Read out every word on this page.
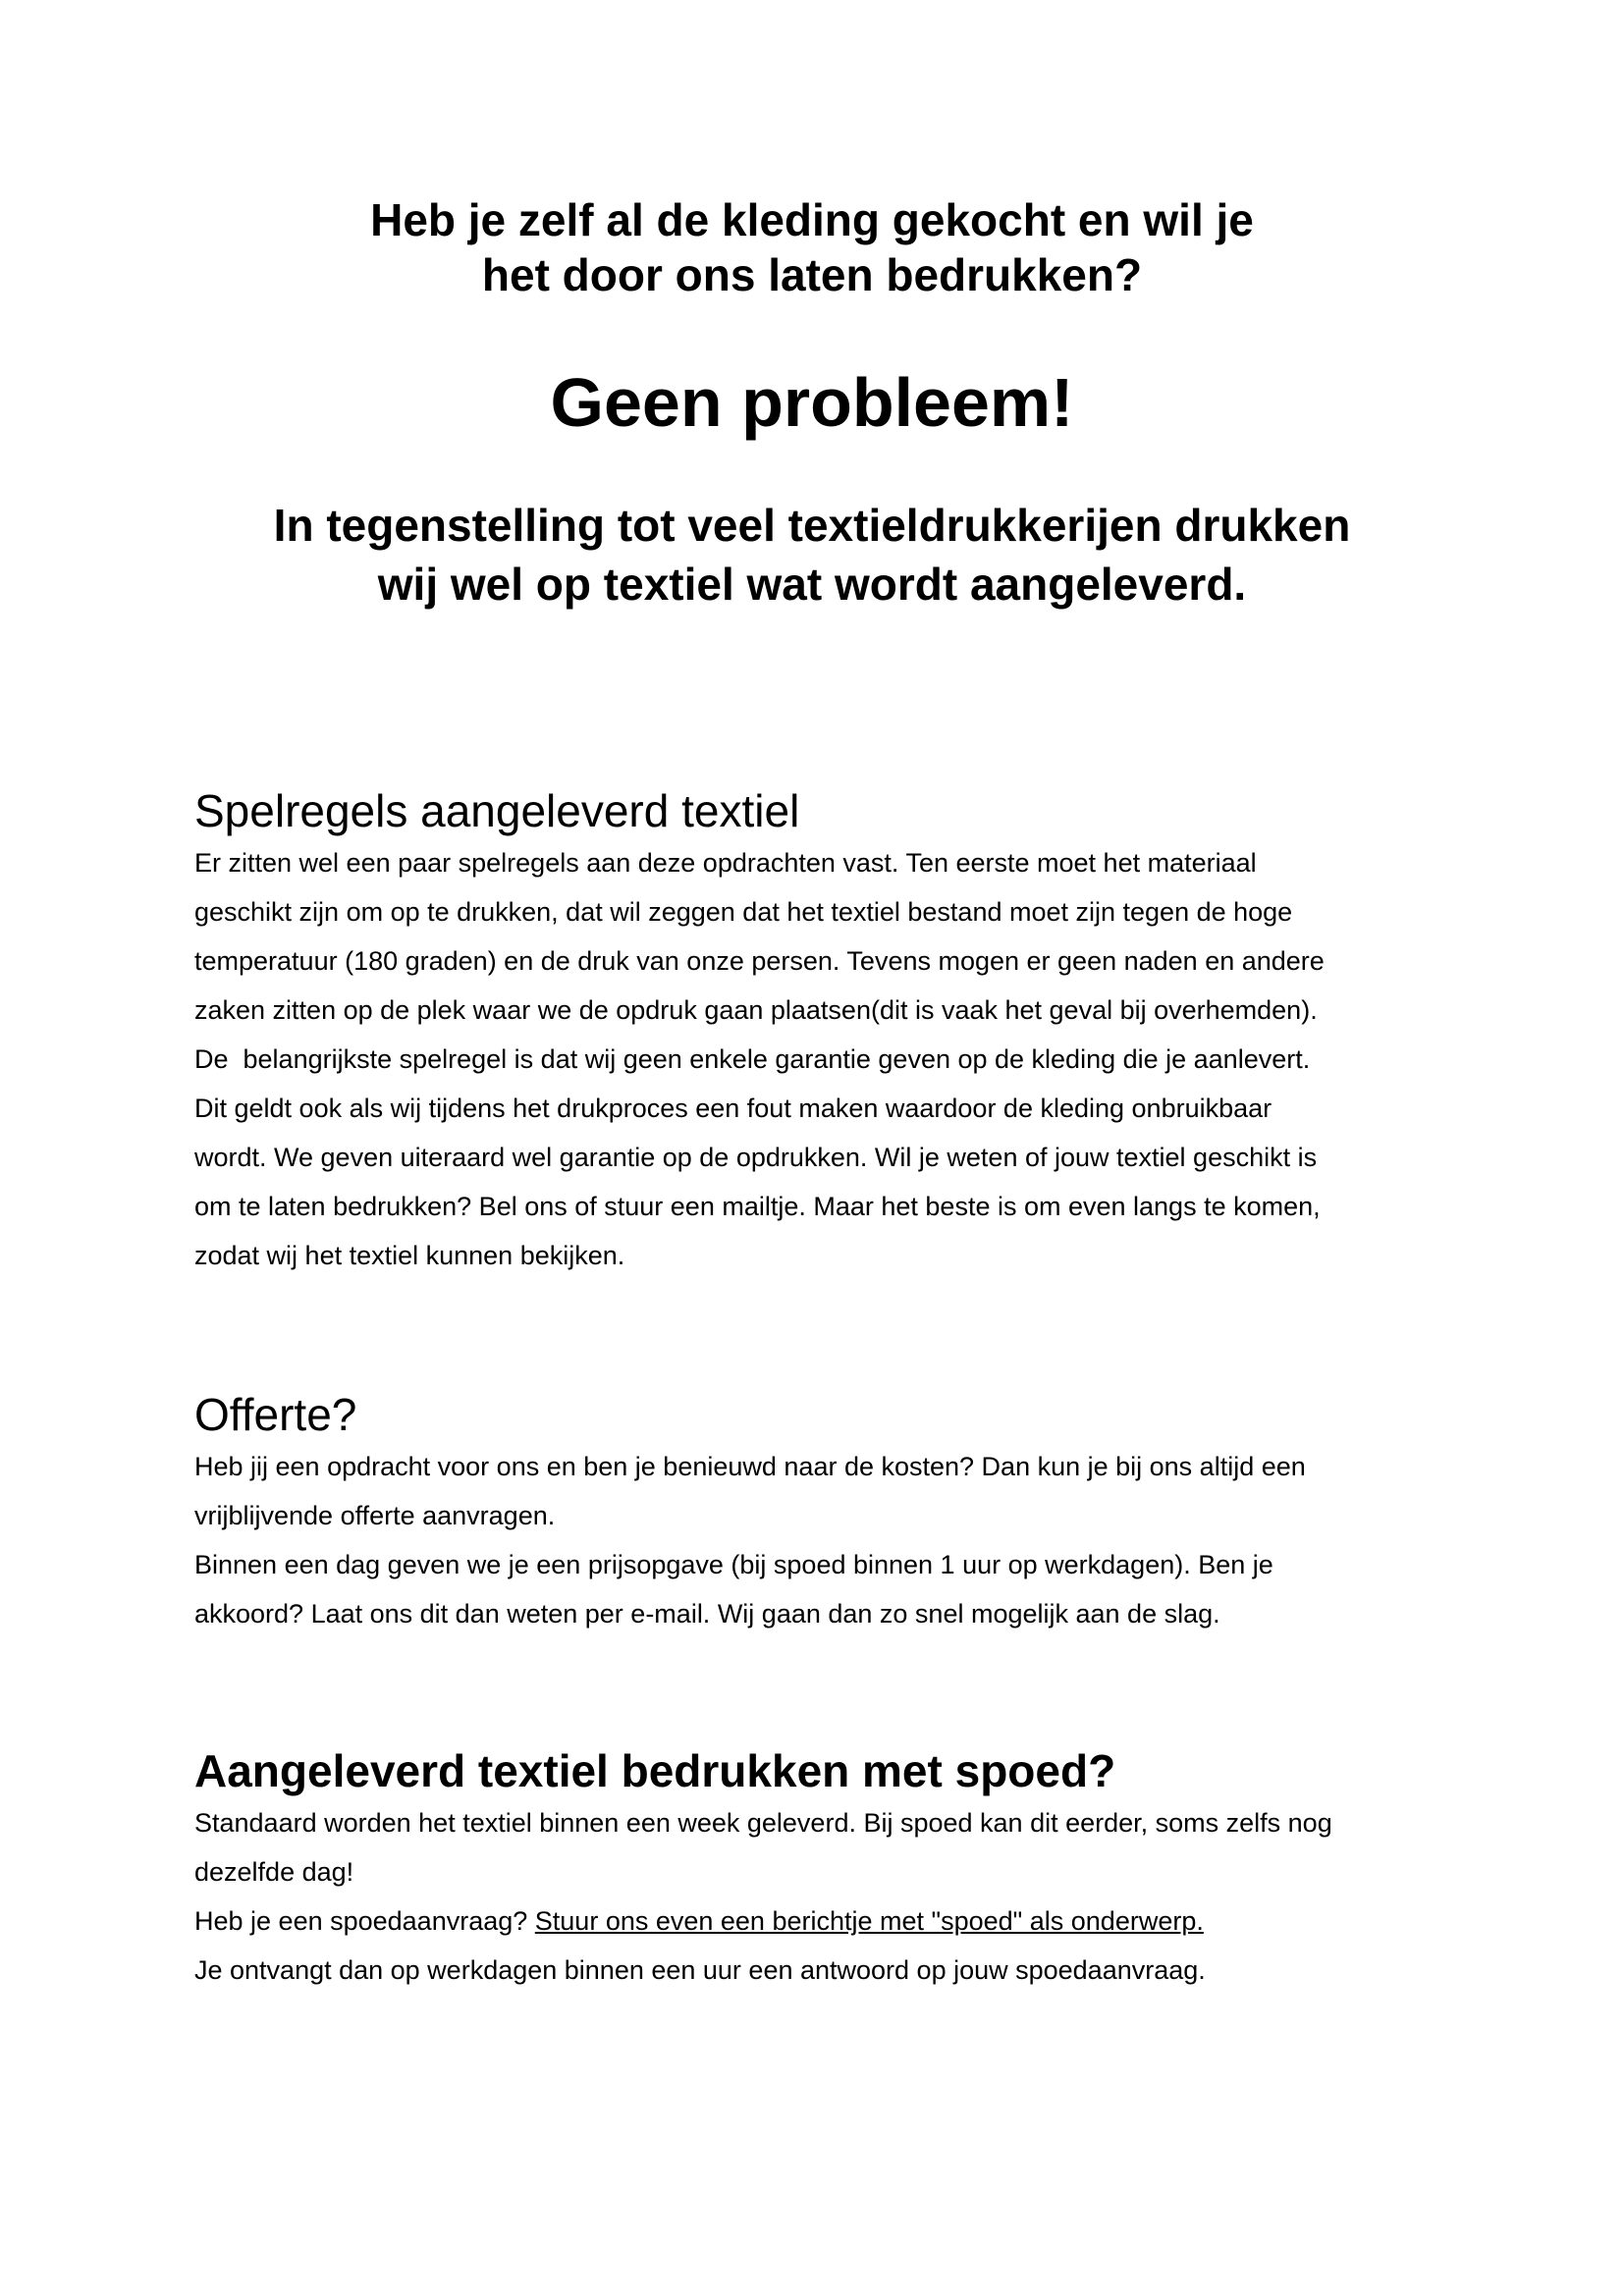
Heb je zelf al de kleding gekocht en wil je
het door ons laten bedrukken?
Geen probleem!
In tegenstelling tot veel textieldrukkerijen drukken
wij wel op textiel wat wordt aangeleverd.
Spelregels aangeleverd textiel

Er zitten wel een paar spelregels aan deze opdrachten vast. Ten eerste moet het materiaal
geschikt zijn om op te drukken, dat wil zeggen dat het textiel bestand moet zijn tegen de hoge
temperatuur (180 graden) en de druk van onze persen. Tevens mogen er geen naden en andere
zaken zitten op de plek waar we de opdruk gaan plaatsen(dit is vaak het geval bij overhemden).
De  belangrijkste spelregel is dat wij geen enkele garantie geven op de kleding die je aanlevert.
Dit geldt ook als wij tijdens het drukproces een fout maken waardoor de kleding onbruikbaar
wordt. We geven uiteraard wel garantie op de opdrukken. Wil je weten of jouw textiel geschikt is
om te laten bedrukken? Bel ons of stuur een mailtje. Maar het beste is om even langs te komen,
zodat wij het textiel kunnen bekijken.

Offerte?

Heb jij een opdracht voor ons en ben je benieuwd naar de kosten? Dan kun je bij ons altijd een
vrijblijvende offerte aanvragen.
Binnen een dag geven we je een prijsopgave (bij spoed binnen 1 uur op werkdagen). Ben je
akkoord? Laat ons dit dan weten per e-mail. Wij gaan dan zo snel mogelijk aan de slag.

Aangeleverd textiel bedrukken met spoed?

Standaard worden het textiel binnen een week geleverd. Bij spoed kan dit eerder, soms zelfs nog
dezelfde dag!
Heb je een spoedaanvraag? Stuur ons even een berichtje met "spoed" als onderwerp.
Je ontvangt dan op werkdagen binnen een uur een antwoord op jouw spoedaanvraag.
